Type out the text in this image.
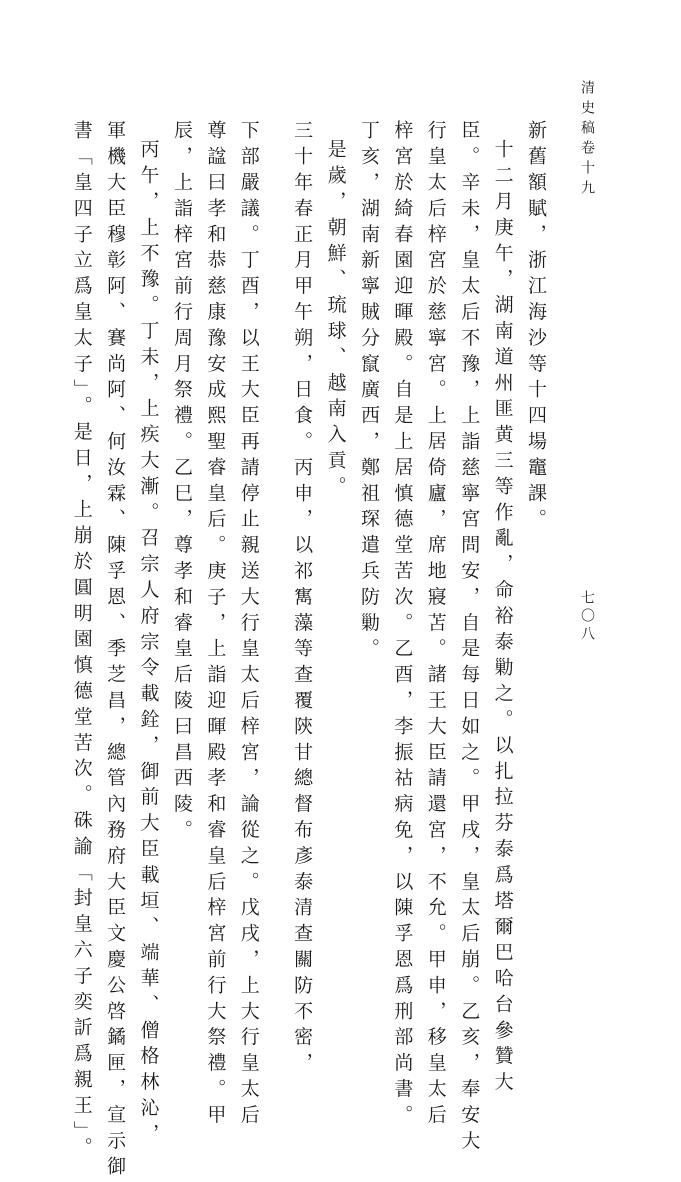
清史稿卷十九
七〇八
新舊額賦，浙江海沙等十四場竈課。
十二月庚午，湖南道州匪黄三等作亂，命裕泰勦之。以扎拉芬泰爲塔爾巴哈台參贊大
臣。辛未，皇太后不豫，上詣慈寧宮問安，自是每日如之。甲戌，皇太后崩。乙亥，奉安大
行皇太后梓宮於慈寧宮。上居倚廬，席地寢苫。諸王大臣請還宮，不允。甲申，移皇太后
梓宮於綺春園迎暉殿。自是上居慎德堂苦次。乙酉，李振祜病免，以陳孚恩爲刑部尚書。
丁亥，湖南新寧賊分竄廣西，鄭祖琛遣兵防勦。
是歲，朝鮮、琉球、越南入貢。
三十年春正月甲午朔，日食。丙申，以祁寯藻等查覆陝甘總督布彥泰清查關防不密，
下部嚴議。丁酉，以王大臣再請停止親送大行皇太后梓宮，論從之。戊戌，上大行皇太后
尊諡曰孝和恭慈康豫安成熙聖睿皇后。庚子，上詣迎暉殿孝和睿皇后梓宮前行大祭禮。甲
辰，上詣梓宮前行周月祭禮。乙巳，尊孝和睿皇后陵曰昌西陵。
丙午，上不豫。丁未，上疾大漸。召宗人府宗令載銓，御前大臣載垣、端華、僧格林沁，
軍機大臣穆彰阿、賽尚阿、何汝霖、陳孚恩、季芝昌，總管內務府大臣文慶公啓鐍匣，宣示御
書「皇四子立爲皇太子」。是日，上崩於圓明園慎德堂苦次。硃諭「封皇六子奕訢爲親王」。
